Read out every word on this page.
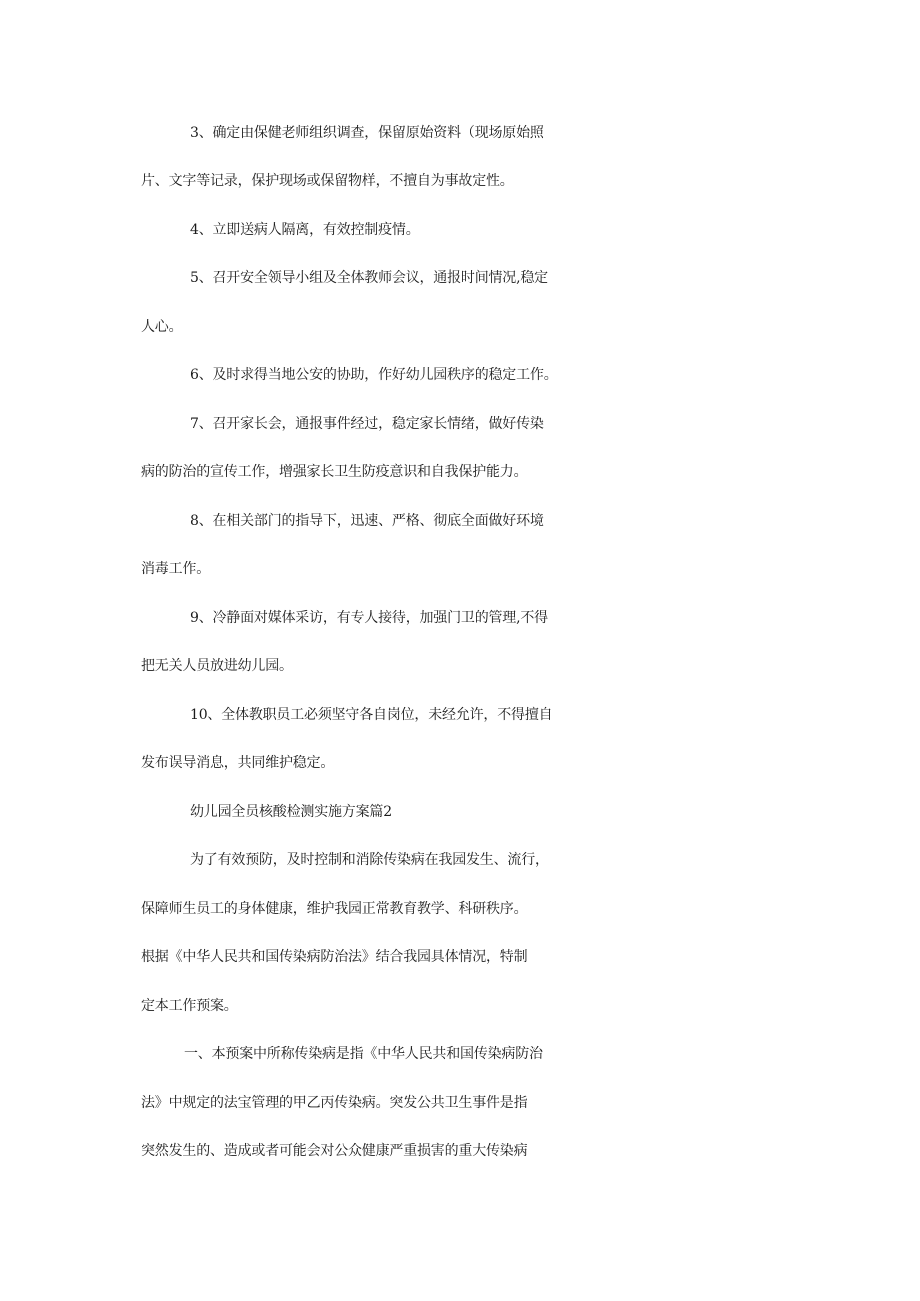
3、确定由保健老师组织调查，保留原始资料（现场原始照
片、文字等记录，保护现场或保留物样，不擅自为事故定性。
4、立即送病人隔离，有效控制疫情。
5、召开安全领导小组及全体教师会议，通报时间情况,稳定
人心。
6、及时求得当地公安的协助，作好幼儿园秩序的稳定工作。
7、召开家长会，通报事件经过，稳定家长情绪，做好传染
病的防治的宣传工作，增强家长卫生防疫意识和自我保护能力。
8、在相关部门的指导下，迅速、严格、彻底全面做好环境
消毒工作。
9、冷静面对媒体采访，有专人接待，加强门卫的管理,不得
把无关人员放进幼儿园。
10、全体教职员工必须坚守各自岗位，未经允许，不得擅自
发布误导消息，共同维护稳定。
幼儿园全员核酸检测实施方案篇2
为了有效预防，及时控制和消除传染病在我园发生、流行，
保障师生员工的身体健康，维护我园正常教育教学、科研秩序。
根据《中华人民共和国传染病防治法》结合我园具体情况，特制
定本工作预案。
一、本预案中所称传染病是指《中华人民共和国传染病防治
法》中规定的法宝管理的甲乙丙传染病。突发公共卫生事件是指
突然发生的、造成或者可能会对公众健康严重损害的重大传染病
